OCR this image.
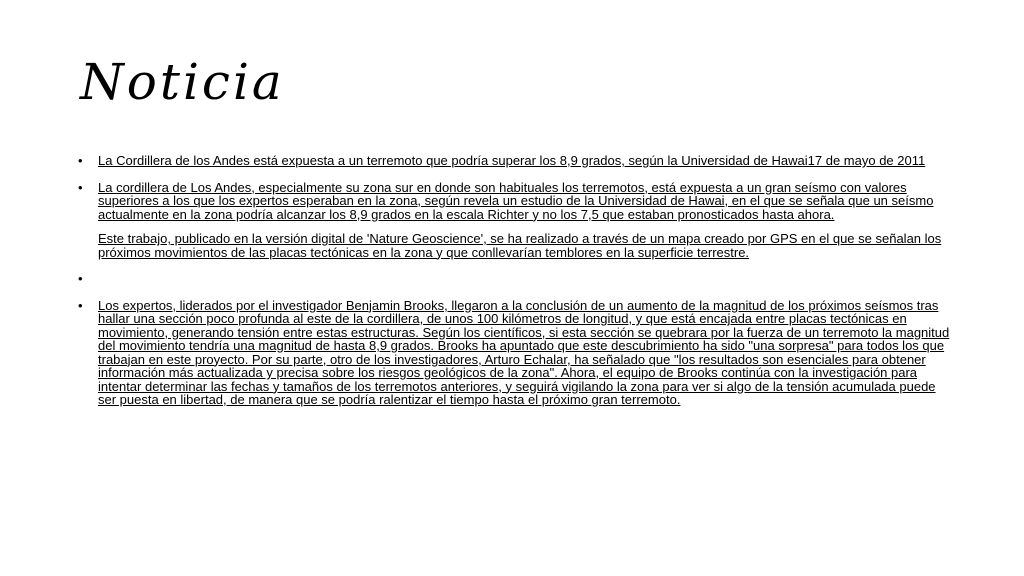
Noticia
• La Cordillera de los Andes está expuesta a un terremoto que podría superar los 8,9 grados, según la Universidad de Hawai17 de mayo de 2011
• La cordillera de Los Andes, especialmente su zona sur en donde son habituales los terremotos, está expuesta a un gran seísmo con valores superiores a los que los expertos esperaban en la zona, según revela un estudio de la Universidad de Hawai, en el que se señala que un seísmo actualmente en la zona podría alcanzar los 8,9 grados en la escala Richter y no los 7,5 que estaban pronosticados hasta ahora.
Este trabajo, publicado en la versión digital de 'Nature Geoscience', se ha realizado a través de un mapa creado por GPS en el que se señalan los próximos movimientos de las placas tectónicas en la zona y que conllevarían temblores en la superficie terrestre.
•
• Los expertos, liderados por el investigador Benjamin Brooks, llegaron a la conclusión de un aumento de la magnitud de los próximos seísmos tras hallar una sección poco profunda al este de la cordillera, de unos 100 kilómetros de longitud, y que está encajada entre placas tectónicas en movimiento, generando tensión entre estas estructuras. Según los científicos, si esta sección se quebrara por la fuerza de un terremoto la magnitud del movimiento tendría una magnitud de hasta 8,9 grados. Brooks ha apuntado que este descubrimiento ha sido "una sorpresa" para todos los que trabajan en este proyecto. Por su parte, otro de los investigadores, Arturo Echalar, ha señalado que "los resultados son esenciales para obtener información más actualizada y precisa sobre los riesgos geológicos de la zona". Ahora, el equipo de Brooks continúa con la investigación para intentar determinar las fechas y tamaños de los terremotos anteriores, y seguirá vigilando la zona para ver si algo de la tensión acumulada puede ser puesta en libertad, de manera que se podría ralentizar el tiempo hasta el próximo gran terremoto.
